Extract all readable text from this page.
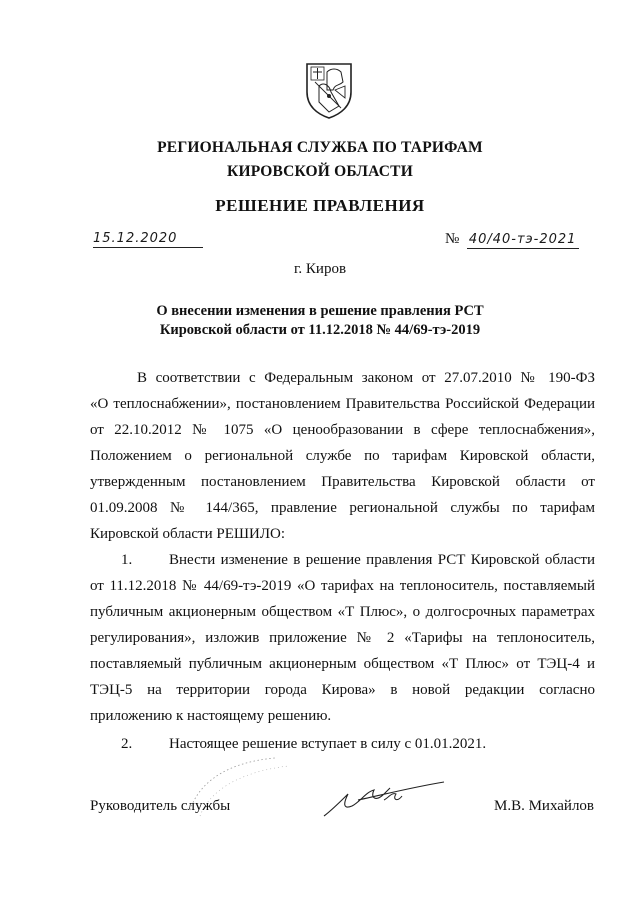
РЕГИОНАЛЬНАЯ СЛУЖБА ПО ТАРИФАМ
КИРОВСКОЙ ОБЛАСТИ
РЕШЕНИЕ ПРАВЛЕНИЯ
15.12.2020	№ 40/40-тэ-2021
г. Киров
О внесении изменения в решение правления РСТ
Кировской области от 11.12.2018 № 44/69-тэ-2019
В соответствии с Федеральным законом от 27.07.2010 № 190-ФЗ
«О теплоснабжении», постановлением Правительства Российской Федерации
от 22.10.2012 № 1075 «О ценообразовании в сфере теплоснабжения»,
Положением о региональной службе по тарифам Кировской области,
утвержденным постановлением Правительства Кировской области от
01.09.2008 № 144/365, правление региональной службы по тарифам
Кировской области РЕШИЛО:
1. Внести изменение в решение правления РСТ Кировской области
от 11.12.2018 № 44/69-тэ-2019 «О тарифах на теплоноситель, поставляемый
публичным акционерным обществом «Т Плюс», о долгосрочных параметрах
регулирования», изложив приложение № 2 «Тарифы на теплоноситель,
поставляемый публичным акционерным обществом «Т Плюс» от ТЭЦ-4 и
ТЭЦ-5 на территории города Кирова» в новой редакции согласно
приложению к настоящему решению.
2. Настоящее решение вступает в силу с 01.01.2021.
Руководитель службы	М.В. Михайлов
